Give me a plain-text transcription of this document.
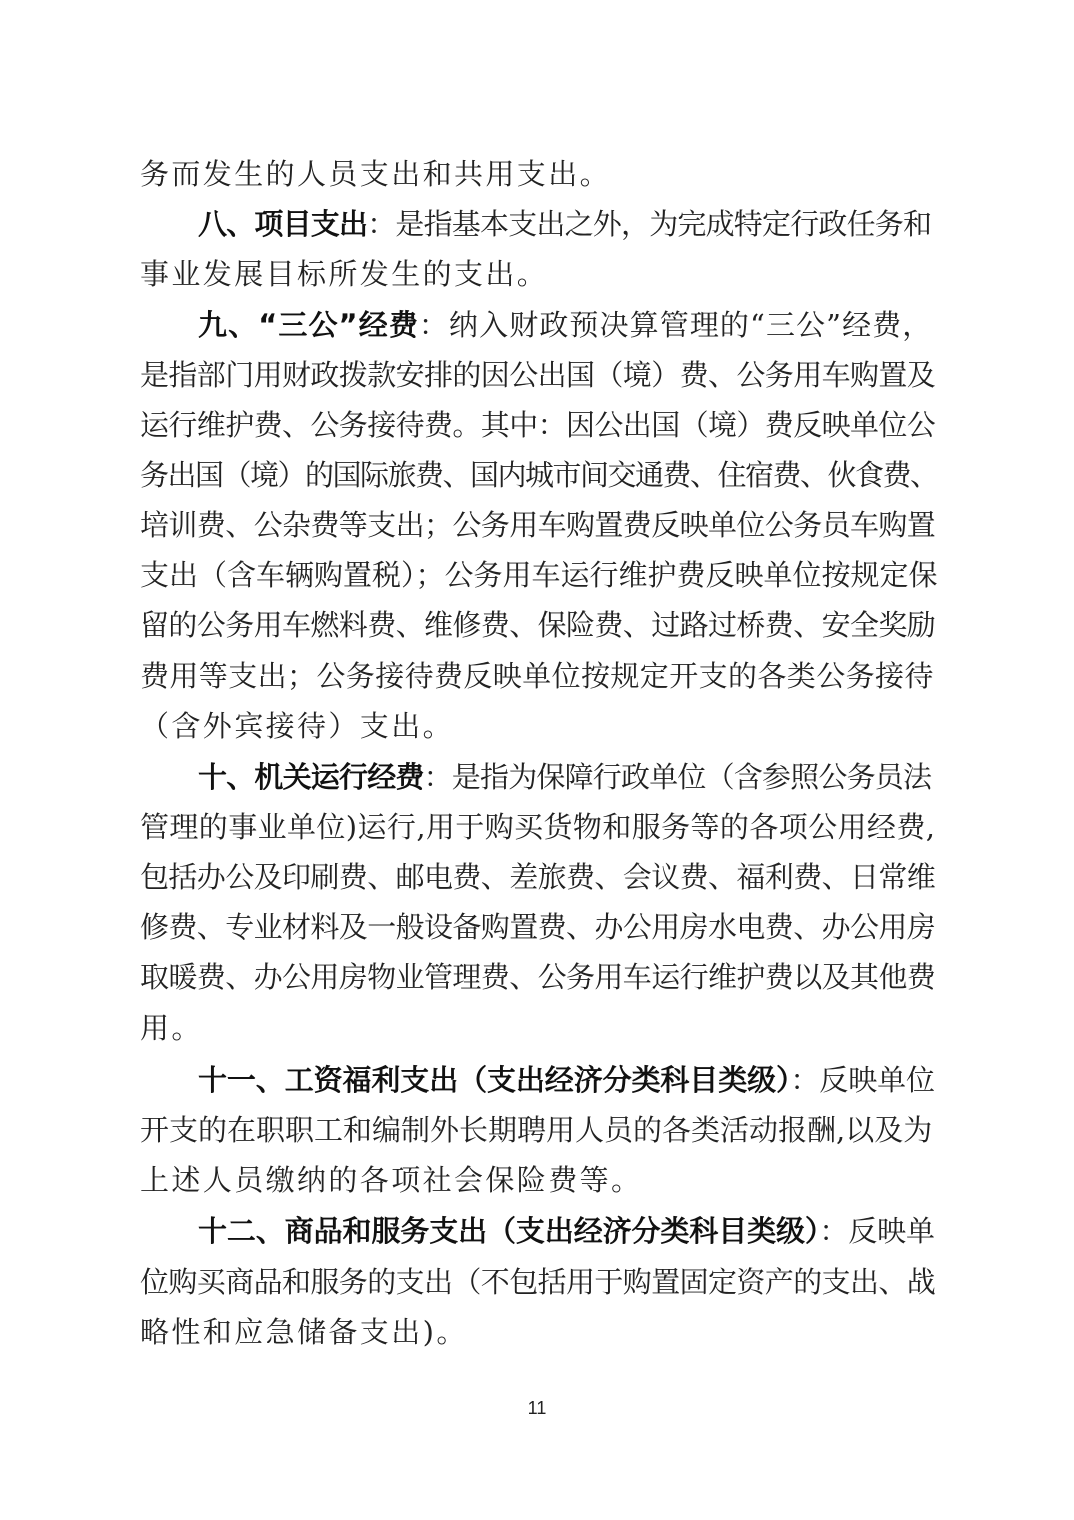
务而发生的人员支出和共用支出。
八、项目支出：是指基本支出之外，为完成特定行政任务和
事业发展目标所发生的支出。
九、“三公”经费：纳入财政预决算管理的“三公”经费，
是指部门用财政拨款安排的因公出国（境）费、公务用车购置及
运行维护费、公务接待费。其中：因公出国（境）费反映单位公
务出国（境）的国际旅费、国内城市间交通费、住宿费、伙食费、
培训费、公杂费等支出；公务用车购置费反映单位公务员车购置
支出（含车辆购置税）；公务用车运行维护费反映单位按规定保
留的公务用车燃料费、维修费、保险费、过路过桥费、安全奖励
费用等支出；公务接待费反映单位按规定开支的各类公务接待
（含外宾接待）支出。
十、机关运行经费：是指为保障行政单位（含参照公务员法
管理的事业单位)运行,用于购买货物和服务等的各项公用经费,
包括办公及印刷费、邮电费、差旅费、会议费、福利费、日常维
修费、专业材料及一般设备购置费、办公用房水电费、办公用房
取暖费、办公用房物业管理费、公务用车运行维护费以及其他费
用。
十一、工资福利支出（支出经济分类科目类级）：反映单位
开支的在职职工和编制外长期聘用人员的各类活动报酬,以及为
上述人员缴纳的各项社会保险费等。
十二、商品和服务支出（支出经济分类科目类级）：反映单
位购买商品和服务的支出（不包括用于购置固定资产的支出、战
略性和应急储备支出)。
11
